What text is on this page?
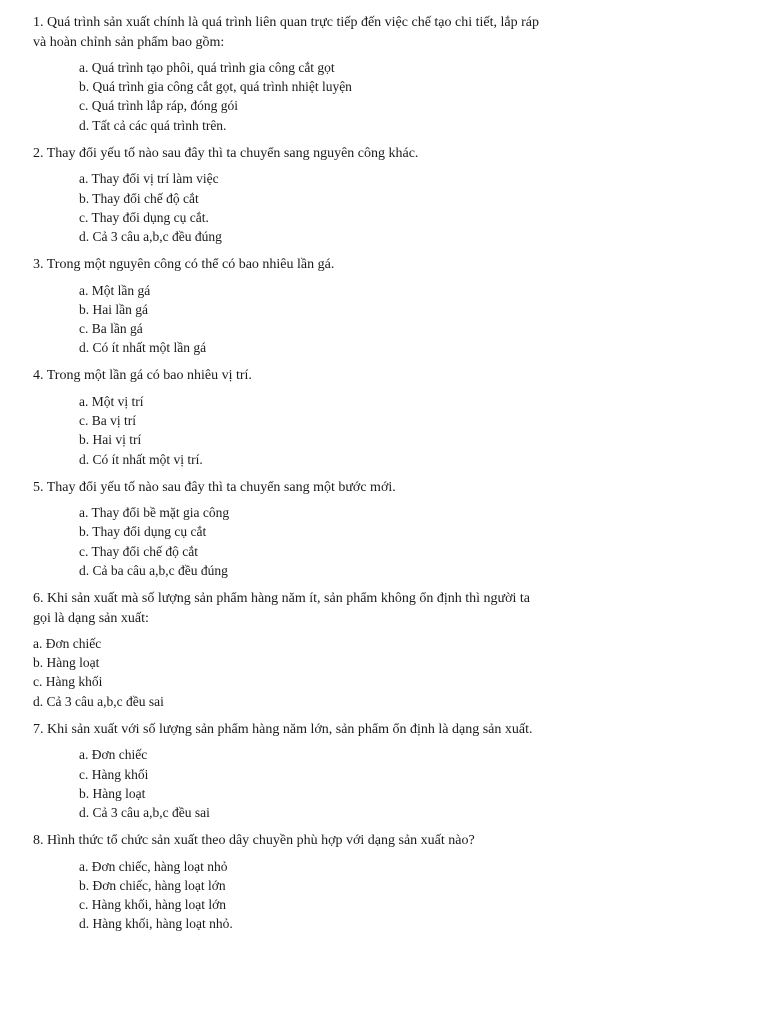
1. Quá trình sản xuất chính là quá trình liên quan trực tiếp đến việc chế tạo chi tiết, lắp ráp và hoàn chỉnh sản phẩm bao gồm:

a. Quá trình tạo phôi, quá trình gia công cắt gọt
b. Quá trình gia công cắt gọt, quá trình nhiệt luyện
c. Quá trình lắp ráp, đóng gói
d. Tất cả các quá trình trên.

2. Thay đổi yếu tố nào sau đây thì ta chuyển sang nguyên công khác.

a. Thay đổi vị trí làm việc
b. Thay đổi chế độ cắt
c. Thay đổi dụng cụ cắt.
d. Cả 3 câu a,b,c đều đúng

3. Trong một nguyên công có thể có bao nhiêu lần gá.

a. Một lần gá
b. Hai lần gá
c. Ba lần gá
d. Có ít nhất một lần gá

4. Trong một lần gá có bao nhiêu vị trí.

a. Một vị trí
c. Ba vị trí
b. Hai vị trí
d. Có ít nhất một vị trí.

5. Thay đổi yếu tố nào sau đây thì ta chuyển sang một bước mới.

a. Thay đổi bề mặt gia công
b. Thay đổi dụng cụ cắt
c. Thay đổi chế độ cắt
d. Cả ba câu a,b,c đều đúng

6. Khi sản xuất mà số lượng sản phẩm hàng năm ít, sản phẩm không ổn định thì người ta gọi là dạng sản xuất:

a. Đơn chiếc
b. Hàng loạt
c. Hàng khối
d. Cả 3 câu a,b,c đều sai

7. Khi sản xuất với số lượng sản phẩm hàng năm lớn, sản phẩm ổn định là dạng sản xuất.

a. Đơn chiếc
c. Hàng khối
b. Hàng loạt
d. Cả 3 câu a,b,c đều sai

8. Hình thức tổ chức sản xuất theo dây chuyền phù hợp với dạng sản xuất nào?

a. Đơn chiếc, hàng loạt nhỏ
b. Đơn chiếc, hàng loạt lớn
c. Hàng khối, hàng loạt lớn
d. Hàng khối, hàng loạt nhỏ.
